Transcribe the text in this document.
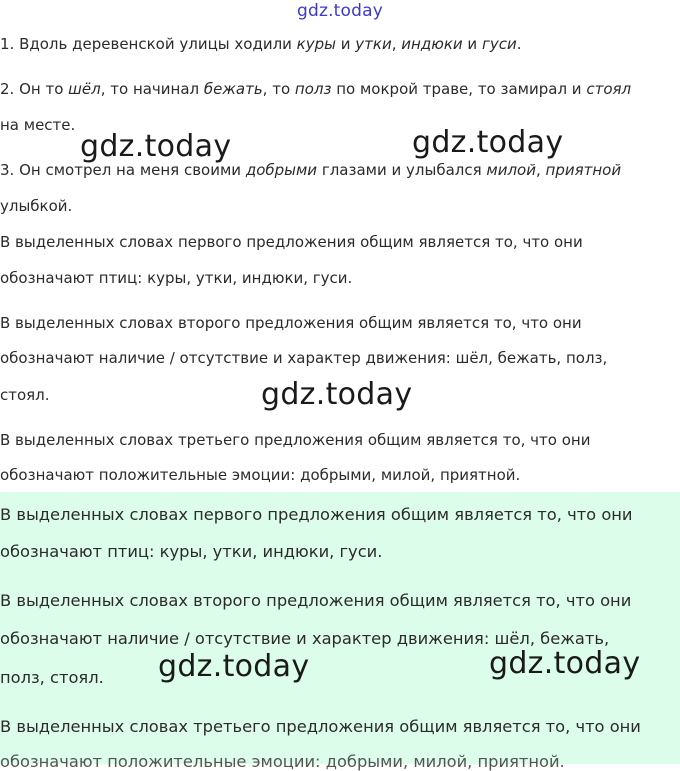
gdz.today
1. Вдоль деревенской улицы ходили куры и утки, индюки и гуси.
2. Он то шёл, то начинал бежать, то полз по мокрой траве, то замирал и стоял
на месте.
3. Он смотрел на меня своими добрыми глазами и улыбался милой, приятной
улыбкой.
В выделенных словах первого предложения общим является то, что они
обозначают птиц: куры, утки, индюки, гуси.
В выделенных словах второго предложения общим является то, что они
обозначают наличие / отсутствие и характер движения: шёл, бежать, полз,
стоял.
В выделенных словах третьего предложения общим является то, что они
обозначают положительные эмоции: добрыми, милой, приятной.
В выделенных словах первого предложения общим является то, что они
обозначают птиц: куры, утки, индюки, гуси.
В выделенных словах второго предложения общим является то, что они
обозначают наличие / отсутствие и характер движения: шёл, бежать,
полз, стоял.
В выделенных словах третьего предложения общим является то, что они
обозначают положительные эмоции: добрыми, милой, приятной.
gdz.today	gdz.today
gdz.today
gdz.today	gdz.today
